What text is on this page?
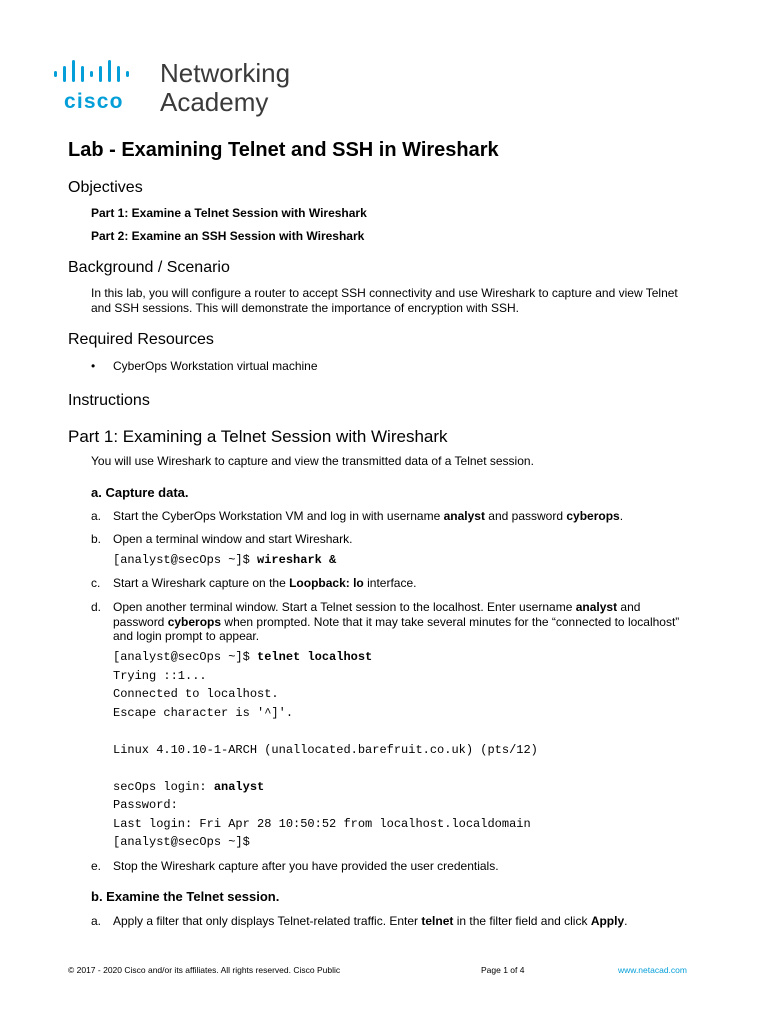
cisco
Networking
Academy
Lab - Examining Telnet and SSH in Wireshark
Objectives
Part 1: Examine a Telnet Session with Wireshark
Part 2: Examine an SSH Session with Wireshark
Background / Scenario
In this lab, you will configure a router to accept SSH connectivity and use Wireshark to capture and view Telnet and SSH sessions. This will demonstrate the importance of encryption with SSH.
Required Resources
• CyberOps Workstation virtual machine
Instructions
Part 1: Examining a Telnet Session with Wireshark
You will use Wireshark to capture and view the transmitted data of a Telnet session.
a. Capture data.
a. Start the CyberOps Workstation VM and log in with username analyst and password cyberops.
b. Open a terminal window and start Wireshark.
[analyst@secOps ~]$ wireshark &
c. Start a Wireshark capture on the Loopback: lo interface.
d. Open another terminal window. Start a Telnet session to the localhost. Enter username analyst and password cyberops when prompted. Note that it may take several minutes for the “connected to localhost” and login prompt to appear.
[analyst@secOps ~]$ telnet localhost
Trying ::1...
Connected to localhost.
Escape character is '^]'.
Linux 4.10.10-1-ARCH (unallocated.barefruit.co.uk) (pts/12)
secOps login: analyst
Password:
Last login: Fri Apr 28 10:50:52 from localhost.localdomain
[analyst@secOps ~]$
e. Stop the Wireshark capture after you have provided the user credentials.
b. Examine the Telnet session.
a. Apply a filter that only displays Telnet-related traffic. Enter telnet in the filter field and click Apply.
© 2017 - 2020 Cisco and/or its affiliates. All rights reserved. Cisco Public	Page 1 of 4	www.netacad.com
